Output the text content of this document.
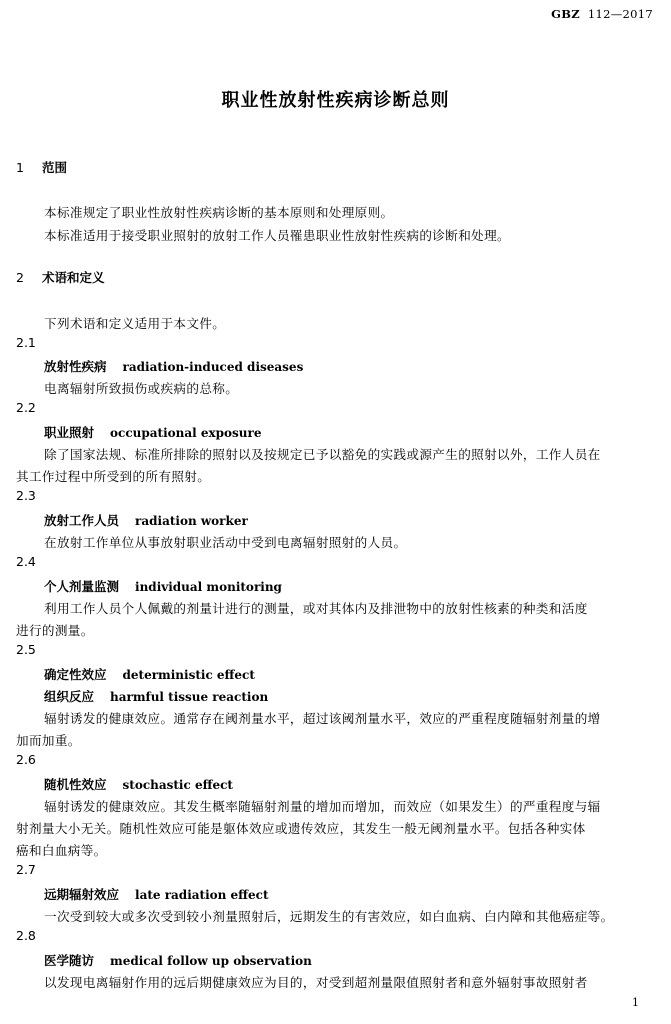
GBZ 112—2017
职业性放射性疾病诊断总则
1 范围
本标准规定了职业性放射性疾病诊断的基本原则和处理原则。
本标准适用于接受职业照射的放射工作人员罹患职业性放射性疾病的诊断和处理。
2 术语和定义
下列术语和定义适用于本文件。
2.1
放射性疾病 radiation-induced diseases
电离辐射所致损伤或疾病的总称。
2.2
职业照射 occupational exposure
除了国家法规、标准所排除的照射以及按规定已予以豁免的实践或源产生的照射以外，工作人员在
其工作过程中所受到的所有照射。
2.3
放射工作人员 radiation worker
在放射工作单位从事放射职业活动中受到电离辐射照射的人员。
2.4
个人剂量监测 individual monitoring
利用工作人员个人佩戴的剂量计进行的测量，或对其体内及排泄物中的放射性核素的种类和活度
进行的测量。
2.5
确定性效应 deterministic effect
组织反应 harmful tissue reaction
辐射诱发的健康效应。通常存在阈剂量水平，超过该阈剂量水平，效应的严重程度随辐射剂量的增
加而加重。
2.6
随机性效应 stochastic effect
辐射诱发的健康效应。其发生概率随辐射剂量的增加而增加，而效应（如果发生）的严重程度与辐
射剂量大小无关。随机性效应可能是躯体效应或遗传效应，其发生一般无阈剂量水平。包括各种实体
癌和白血病等。
2.7
远期辐射效应 late radiation effect
一次受到较大或多次受到较小剂量照射后，远期发生的有害效应，如白血病、白内障和其他癌症等。
2.8
医学随访 medical follow up observation
以发现电离辐射作用的远后期健康效应为目的，对受到超剂量限值照射者和意外辐射事故照射者
1
